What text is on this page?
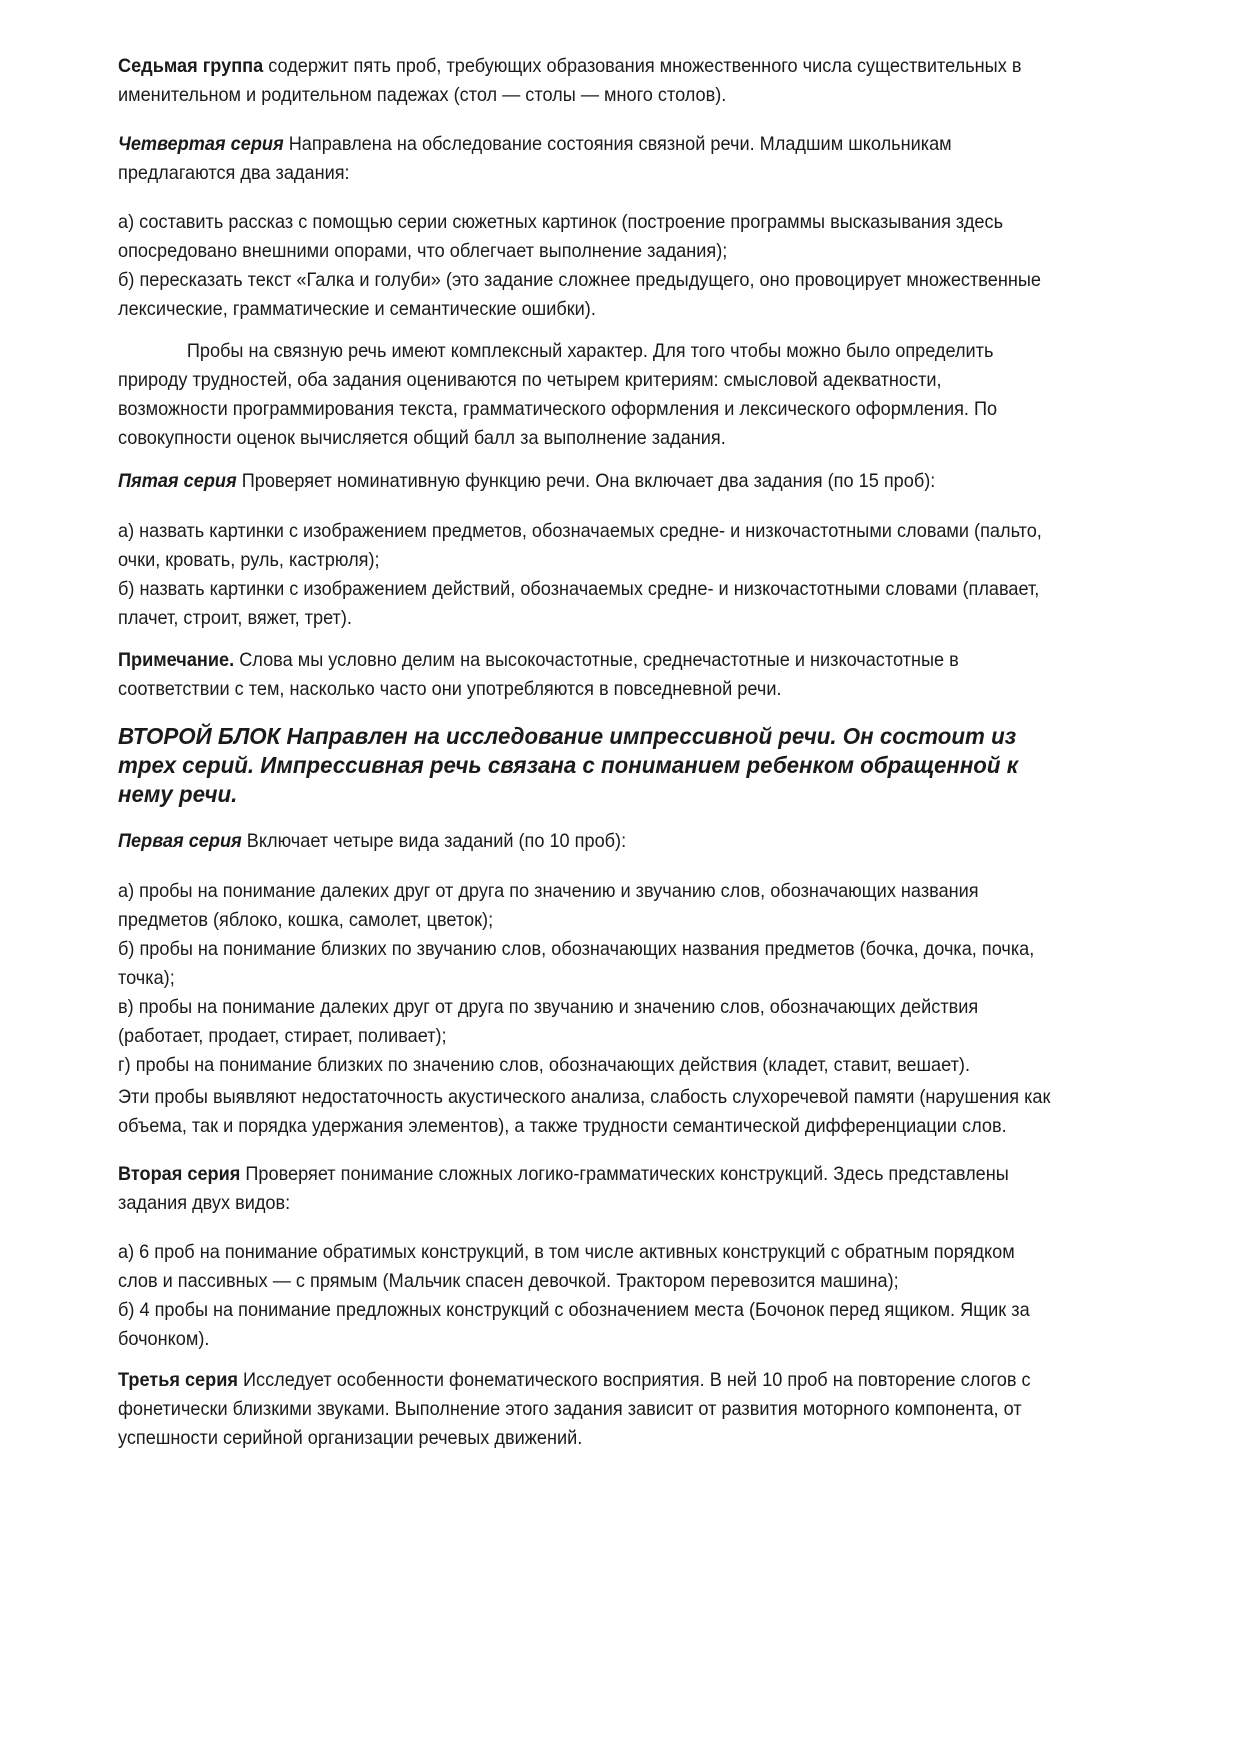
Седьмая группа содержит пять проб, требующих образования множественного числа существительных в

именительном и родительном падежах (стол — столы — много столов).

Четвертая серия Направлена на обследование состояния связной речи. Младшим школьникам

предлагаются два задания:

а) составить рассказ с помощью серии сюжетных картинок (построение программы высказывания здесь

опосредовано внешними опорами, что облегчает выполнение задания);

б) пересказать текст «Галка и голуби» (это задание сложнее предыдущего, оно провоцирует множественные

лексические, грамматические и семантические ошибки).

Пробы на связную речь имеют комплексный характер. Для того чтобы можно было определить

природу трудностей, оба задания оцениваются по четырем критериям: смысловой адекватности,

возможности программирования текста, грамматического оформления и лексического оформления. По

совокупности оценок вычисляется общий балл за выполнение задания.

Пятая серия Проверяет номинативную функцию речи. Она включает два задания (по 15 проб):

а) назвать картинки с изображением предметов, обозначаемых средне- и низкочастотными словами (пальто,

очки, кровать, руль, кастрюля);

б) назвать картинки с изображением действий, обозначаемых средне- и низкочастотными словами (плавает,

плачет, строит, вяжет, трет).

Примечание. Слова мы условно делим на высокочастотные, среднечастотные и низкочастотные в

соответствии с тем, насколько часто они употребляются в повседневной речи.

ВТОРОЙ БЛОК Направлен на исследование импрессивной речи. Он состоит из
трех серий. Импрессивная речь связана с пониманием ребенком обращенной к
нему речи.

Первая серия Включает четыре вида заданий (по 10 проб):

а) пробы на понимание далеких друг от друга по значению и звучанию слов, обозначающих названия

предметов (яблоко, кошка, самолет, цветок);

б) пробы на понимание близких по звучанию слов, обозначающих названия предметов (бочка, дочка, почка,

точка);

в) пробы на понимание далеких друг от друга по звучанию и значению слов, обозначающих действия

(работает, продает, стирает, поливает);

г) пробы на понимание близких по значению слов, обозначающих действия (кладет, ставит, вешает).

Эти пробы выявляют недостаточность акустического анализа, слабость слухоречевой памяти (нарушения как

объема, так и порядка удержания элементов), а также трудности семантической дифференциации слов.

Вторая серия Проверяет понимание сложных логико-грамматических конструкций. Здесь представлены

задания двух видов:

а) 6 проб на понимание обратимых конструкций, в том числе активных конструкций с обратным порядком

слов и пассивных — с прямым (Мальчик спасен девочкой. Трактором перевозится машина);

б) 4 пробы на понимание предложных конструкций с обозначением места (Бочонок перед ящиком. Ящик за

бочонком).

Третья серия Исследует особенности фонематического восприятия. В ней 10 проб на повторение слогов с

фонетически близкими звуками. Выполнение этого задания зависит от развития моторного компонента, от

успешности серийной организации речевых движений.
